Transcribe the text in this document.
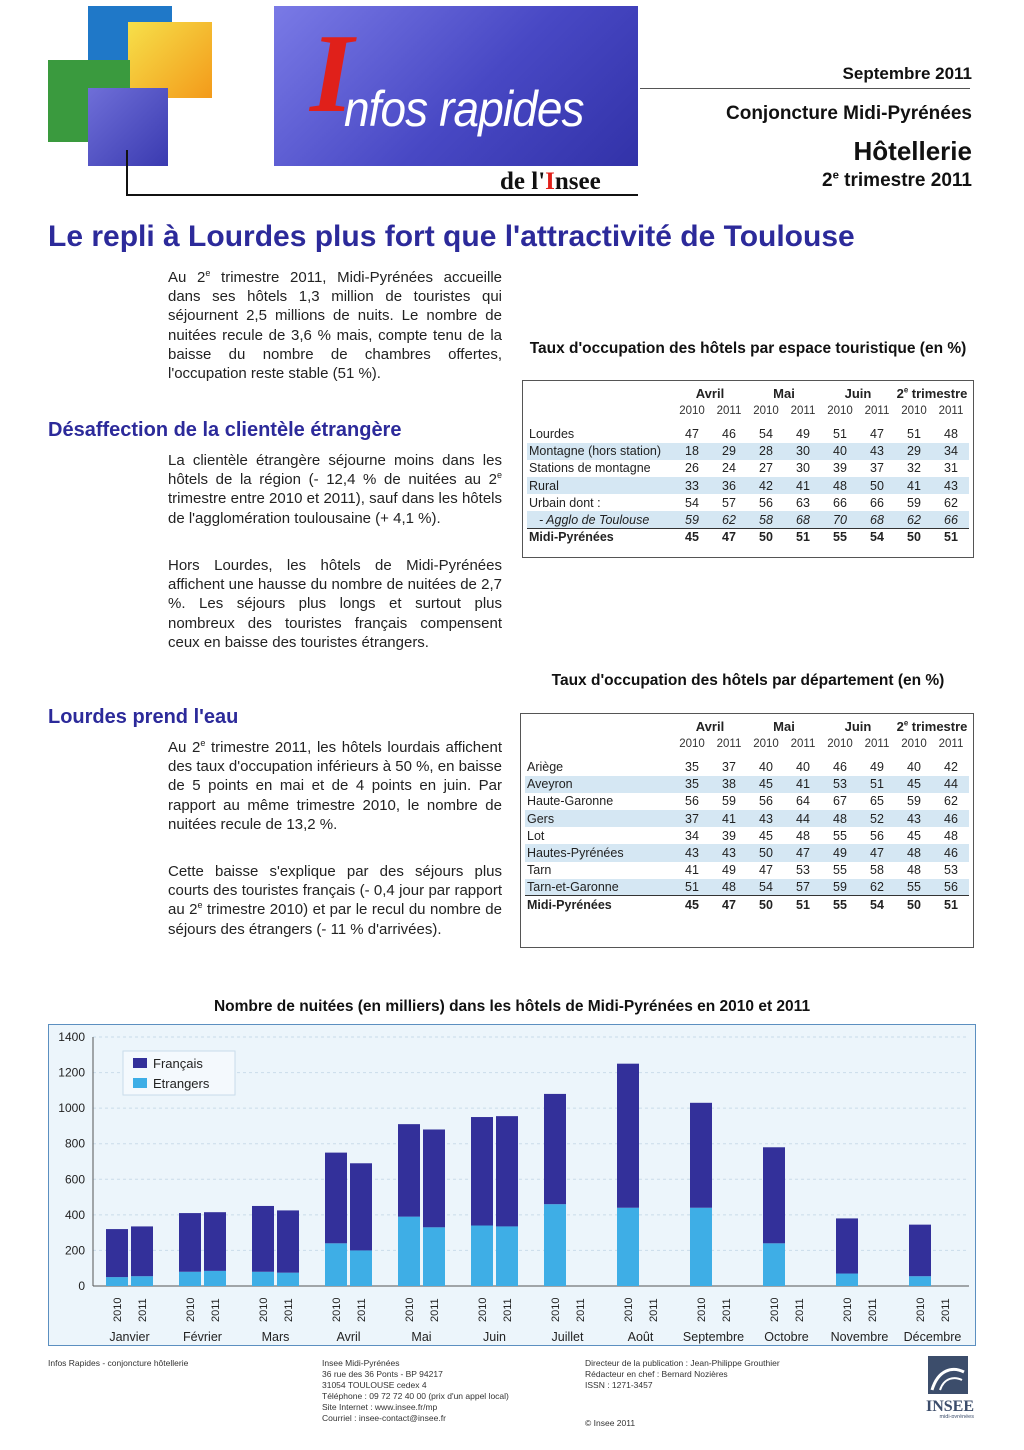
I
nfos rapides
de l'Insee
Septembre 2011
Conjoncture Midi-Pyrénées
Hôtellerie
2e trimestre 2011
Le repli à Lourdes plus fort que l'attractivité de Toulouse

Au 2e trimestre 2011, Midi-Pyrénées accueille dans ses hôtels 1,3 million de touristes qui séjournent 2,5 millions de nuits. Le nombre de nuitées recule de 3,6 % mais, compte tenu de la baisse du nombre de chambres offertes, l'occupation reste stable (51 %).

Désaffection de la clientèle étrangère

La clientèle étrangère séjourne moins dans les hôtels de la région (- 12,4 % de nuitées au 2e trimestre entre 2010 et 2011), sauf dans les hôtels de l'agglomération toulousaine (+ 4,1 %).

Hors Lourdes, les hôtels de Midi-Pyrénées affichent une hausse du nombre de nuitées de 2,7 %. Les séjours plus longs et surtout plus nombreux des touristes français compensent ceux en baisse des touristes étrangers.

Lourdes prend l'eau

Au 2e trimestre 2011, les hôtels lourdais affichent des taux d'occupation inférieurs à 50 %, en baisse de 5 points en mai et de 4 points en juin. Par rapport au même trimestre 2010, le nombre de nuitées recule de 13,2 %.

Cette baisse s'explique par des séjours plus courts des touristes français (- 0,4 jour par rapport au 2e trimestre 2010) et par le recul du nombre de séjours des étrangers (- 11 % d'arrivées).

Taux d'occupation des hôtels par espace touristique (en %)
	Avril		Mai		Juin		2e trimestre	
	2010	2011	2010	2011	2010	2011	2010	2011

Lourdes	47	46	54	49	51	47	51	48
Montagne (hors station)	18	29	28	30	40	43	29	34
Stations de montagne	26	24	27	30	39	37	32	31
Rural	33	36	42	41	48	50	41	43
Urbain dont :	54	57	56	63	66	66	59	62
- Agglo de Toulouse	59	62	58	68	70	68	62	66
Midi-Pyrénées	45	47	50	51	55	54	50	51
Taux d'occupation des hôtels par département (en %)
	Avril		Mai		Juin		2e trimestre	
	2010	2011	2010	2011	2010	2011	2010	2011

Ariège	35	37	40	40	46	49	40	42
Aveyron	35	38	45	41	53	51	45	44
Haute-Garonne	56	59	56	64	67	65	59	62
Gers	37	41	43	44	48	52	43	46
Lot	34	39	45	48	55	56	45	48
Hautes-Pyrénées	43	43	50	47	49	47	48	46
Tarn	41	49	47	53	55	58	48	53
Tarn-et-Garonne	51	48	54	57	59	62	55	56
Midi-Pyrénées	45	47	50	51	55	54	50	51
Nombre de nuitées (en milliers) dans les hôtels de Midi-Pyrénées en 2010 et 2011
0
200
400
600
800
1000
1200
1400
2010 2011
Janvier
2010 2011
Février
2010 2011
Mars
2010 2011
Avril
2010 2011
Mai
2010 2011
Juin
2010 2011
Juillet
2010 2011
Août
2010 2011
Septembre
2010 2011
Octobre
2010 2011
Novembre
2010 2011
Décembre
Français
Etrangers
Infos Rapides - conjoncture hôtellerie	Insee Midi-Pyrénées
36 rue des 36 Ponts - BP 94217
31054 TOULOUSE cedex 4
Téléphone : 09 72 72 40 00 (prix d'un appel local)
Site Internet : www.insee.fr/mp
Courriel : insee-contact@insee.fr
Directeur de la publication : Jean-Philippe Grouthier
Rédacteur en chef : Bernard Nozières
ISSN : 1271-3457
© Insee 2011
INSEE
midi-pyrénées
